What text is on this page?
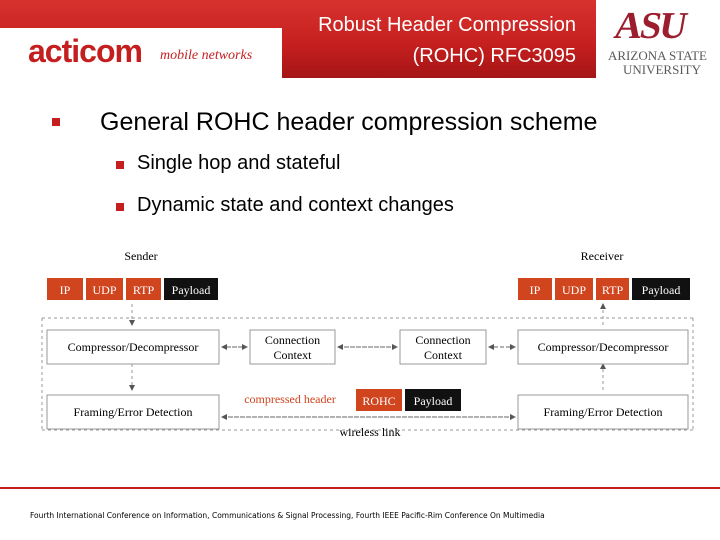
acticom mobile networks
Robust Header Compression
(ROHC) RFC3095
ASU
ARIZONA STATE
UNIVERSITY
General ROHC header compression scheme
Single hop and stateful
Dynamic state and context changes
Sender	Receiver
IP UDP RTP Payload	IP UDP RTP Payload
Compressor/Decompressor	Connection
Context
Connection
Context
Compressor/Decompressor
Framing/Error Detection	Framing/Error Detection
compressed header ROHC Payload
wireless link
Fourth International Conference on Information, Communications & Signal Processing, Fourth IEEE Pacific-Rim Conference On Multimedia
